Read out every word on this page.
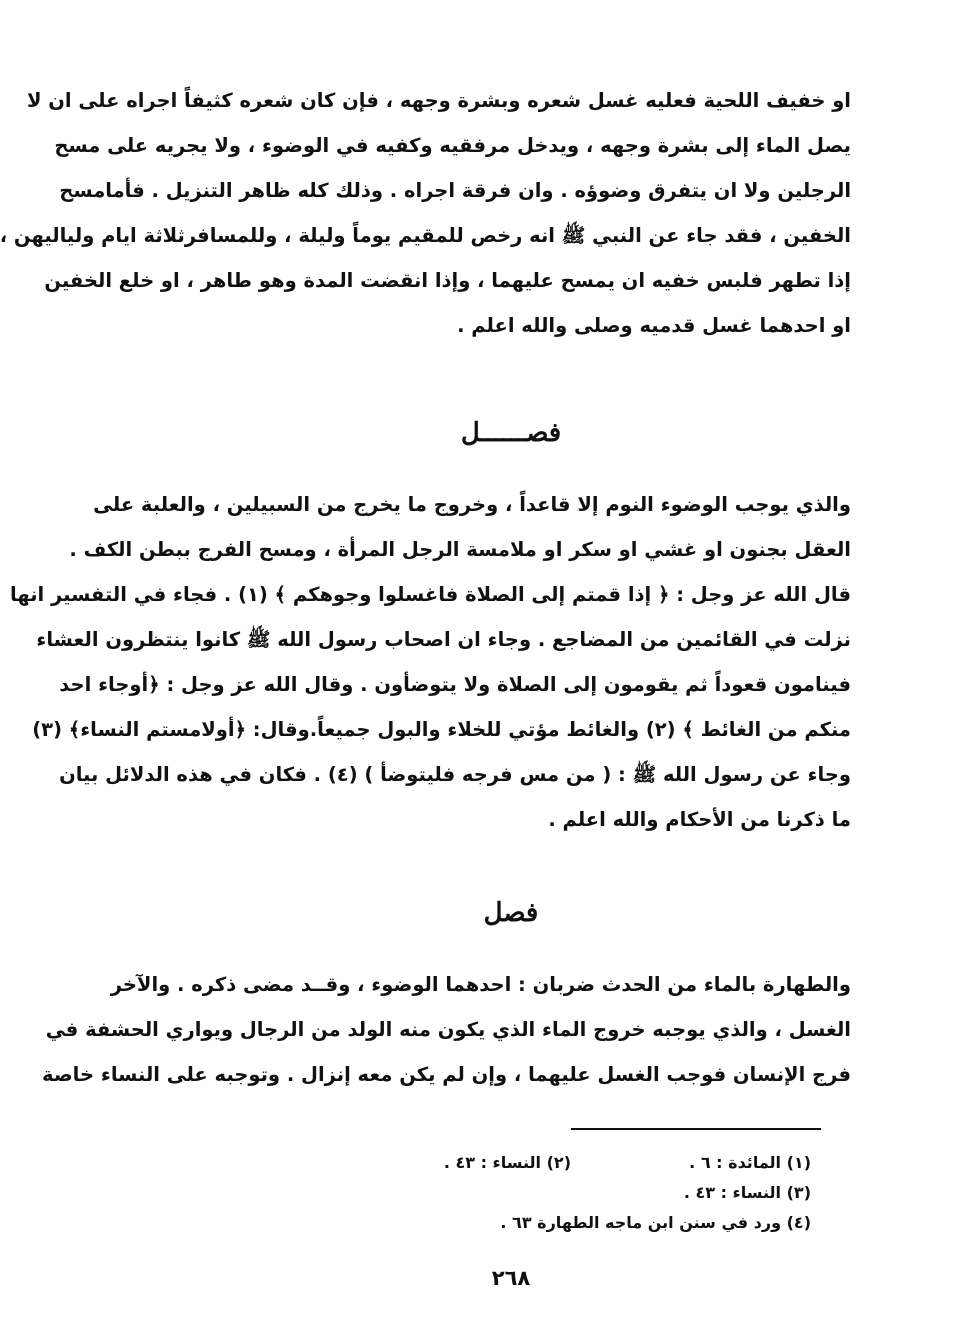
او خفيف اللحية فعليه غسل شعره وبشرة وجهه ، فإن كان شعره كثيفاً اجراه على ان لا
يصل الماء إلى بشرة وجهه ، ويدخل مرفقيه وكفيه في الوضوء ، ولا يجريه على مسح
الرجلين ولا ان يتفرق وضوؤه . وان فرقة اجراه . وذلك كله ظاهر التنزيل . فأمامسح
الخفين ، فقد جاء عن النبي ﷺ انه رخص للمقيم يوماً وليلة ، وللمسافرثلاثة ايام ولياليهن ،
إذا تطهر فلبس خفيه ان يمسح عليهما ، وإذا انقضت المدة وهو طاهر ، او خلع الخفين
او احدهما غسل قدميه وصلى والله اعلم .
فصــــــل
والذي يوجب الوضوء النوم إلا قاعداً ، وخروج ما يخرج من السبيلين ، والعلبة على
العقل بجنون او غشي او سكر او ملامسة الرجل المرأة ، ومسح الفرج ببطن الكف .
قال الله عز وجل : ﴿ إذا قمتم إلى الصلاة فاغسلوا وجوهكم ﴾ (١) . فجاء في التفسير انها
نزلت في القائمين من المضاجع . وجاء ان اصحاب رسول الله ﷺ كانوا ينتظرون العشاء
فينامون قعوداً ثم يقومون إلى الصلاة ولا يتوضأون . وقال الله عز وجل : ﴿أوجاء احد
منكم من الغائط ﴾ (٢) والغائط مؤتي للخلاء والبول جميعاً.وقال: ﴿أولامستم النساء﴾ (٣)
وجاء عن رسول الله ﷺ : ( من مس فرجه فليتوضأ ) (٤) . فكان في هذه الدلائل بيان
ما ذكرنا من الأحكام والله اعلم .
فصل
والطهارة بالماء من الحدث ضربان : احدهما الوضوء ، وقــد مضى ذكره . والآخر
الغسل ، والذي يوجبه خروج الماء الذي يكون منه الولد من الرجال ويواري الحشفة في
فرج الإنسان فوجب الغسل عليهما ، وإن لم يكن معه إنزال . وتوجبه على النساء خاصة
(١) المائدة : ٦ .
(٢) النساء : ٤٣ .
(٣) النساء : ٤٣ .
(٤) ورد في سنن ابن ماجه الطهارة ٦٣ .
٢٦٨
